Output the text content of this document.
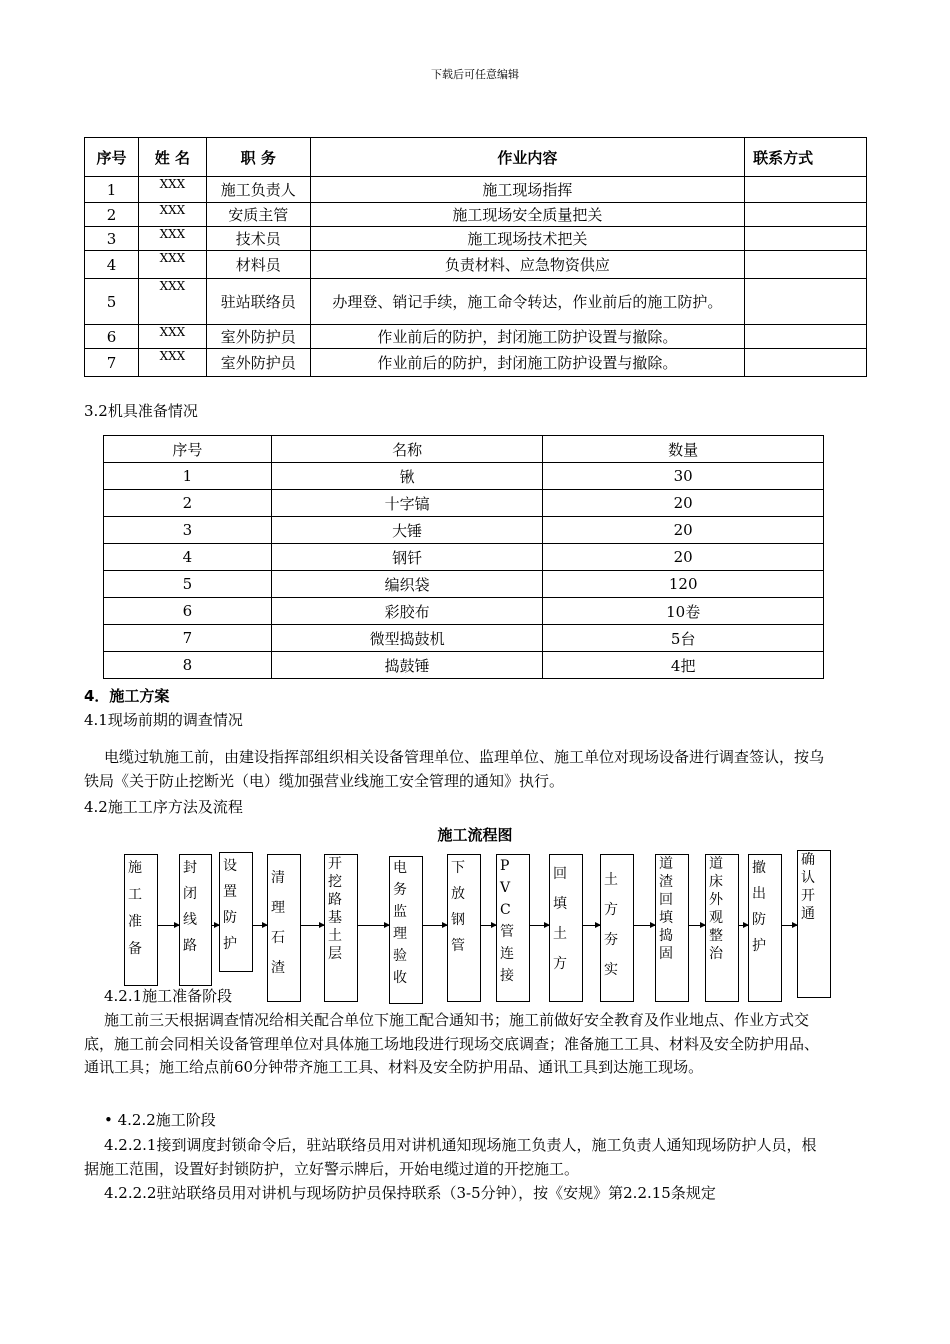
下载后可任意编辑
序号	姓 名	职 务	作业内容	联系方式
1	XXX	施工负责人	施工现场指挥	
2	XXX	安质主管	施工现场安全质量把关	
3	XXX	技术员	施工现场技术把关	
4	XXX	材料员	负责材料、应急物资供应	
5	XXX	驻站联络员	办理登、销记手续，施工命令转达，作业前后的施工防护。	
6	XXX	室外防护员	作业前后的防护，封闭施工防护设置与撤除。	
7	XXX	室外防护员	作业前后的防护，封闭施工防护设置与撤除。	
3.2机具准备情况
序号	名称	数量
1	锹	30
2	十字镐	20
3	大锤	20
4	钢钎	20
5	编织袋	120
6	彩胶布	10卷
7	微型捣鼓机	5台
8	捣鼓锤	4把
4．施工方案
4.1现场前期的调查情况
电缆过轨施工前，由建设指挥部组织相关设备管理单位、监理单位、施工单位对现场设备进行调查签认，按乌铁局《关于防止挖断光（电）缆加强营业线施工安全管理的通知》执行。
4.2施工工序方法及流程
施工流程图
施工准备
封闭线路
设置防护
清理石渣
开挖路基土层
电务监理验收
下放钢管
PVC管连接
回填土方
土方夯实
道渣回填捣固
道床外观整治
撤出防护
确认开通
4.2.1施工准备阶段
施工前三天根据调查情况给相关配合单位下施工配合通知书；施工前做好安全教育及作业地点、作业方式交底，施工前会同相关设备管理单位对具体施工场地段进行现场交底调查；准备施工工具、材料及安全防护用品、通讯工具；施工给点前60分钟带齐施工工具、材料及安全防护用品、通讯工具到达施工现场。
• 4.2.2施工阶段
4.2.2.1接到调度封锁命令后，驻站联络员用对讲机通知现场施工负责人，施工负责人通知现场防护人员，根据施工范围，设置好封锁防护，立好警示牌后，开始电缆过道的开挖施工。
4.2.2.2驻站联络员用对讲机与现场防护员保持联系（3-5分钟），按《安规》第2.2.15条规定
